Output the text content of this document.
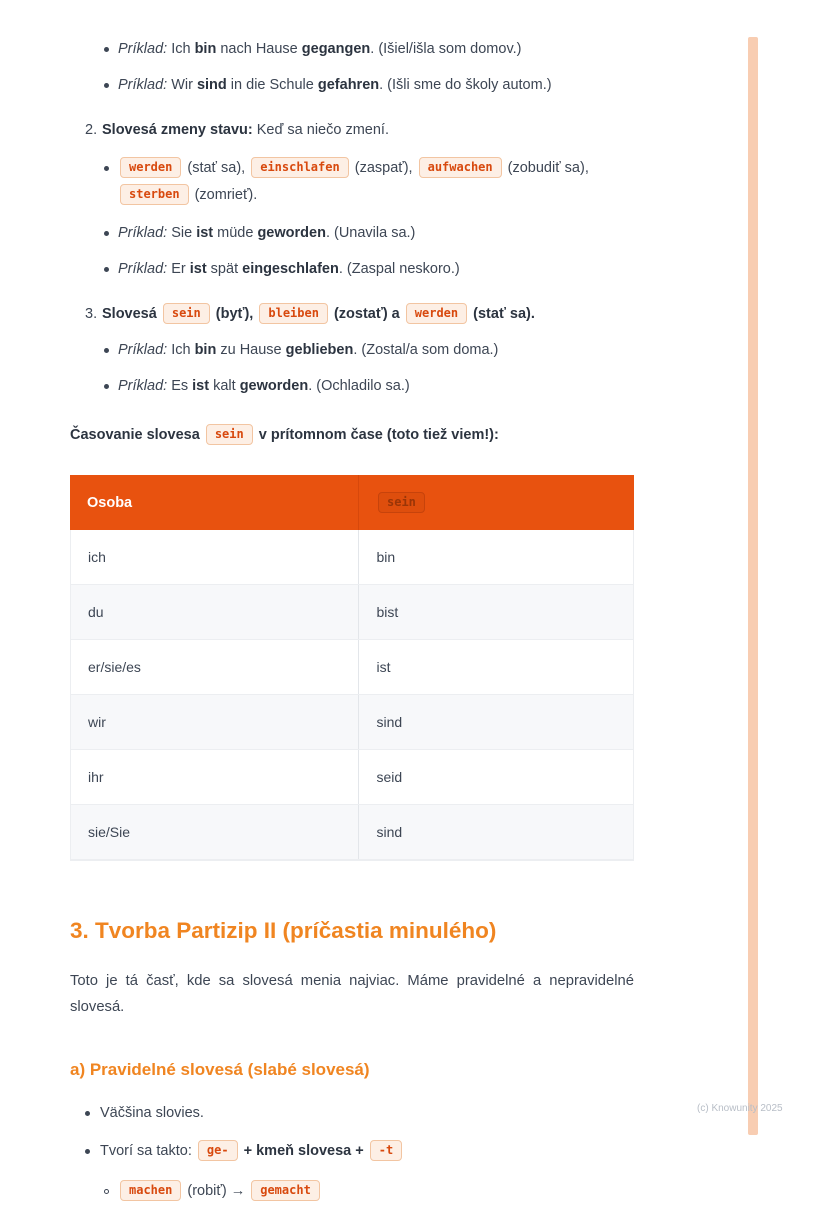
Príklad: Ich bin nach Hause gegangen. (Išiel/išla som domov.)
Príklad: Wir sind in die Schule gefahren. (Išli sme do školy autom.)
2. Slovesá zmeny stavu: Keď sa niečo zmení.
werden (stať sa), einschlafen (zaspať), aufwachen (zobudiť sa), sterben (zomrieť).
Príklad: Sie ist müde geworden. (Unavila sa.)
Príklad: Er ist spät eingeschlafen. (Zaspal neskoro.)
3. Slovesá sein (byť), bleiben (zostať) a werden (stať sa).
Príklad: Ich bin zu Hause geblieben. (Zostal/a som doma.)
Príklad: Es ist kalt geworden. (Ochladilo sa.)

Časovanie slovesa sein v prítomnom čase (toto tiež viem!):

Osoba	sein
ich	bin
du	bist
er/sie/es	ist
wir	sind
ihr	seid
sie/Sie	sind
3. Tvorba Partizip II (príčastia minulého)

Toto je tá časť, kde sa slovesá menia najviac. Máme pravidelné a nepravidelné slovesá.

a) Pravidelné slovesá (slabé slovesá)
Väčšina slovies.
Tvorí sa takto: ge- + kmeň slovesa + -t
machen (robiť) → gemacht
(c) Knowunity 2025
